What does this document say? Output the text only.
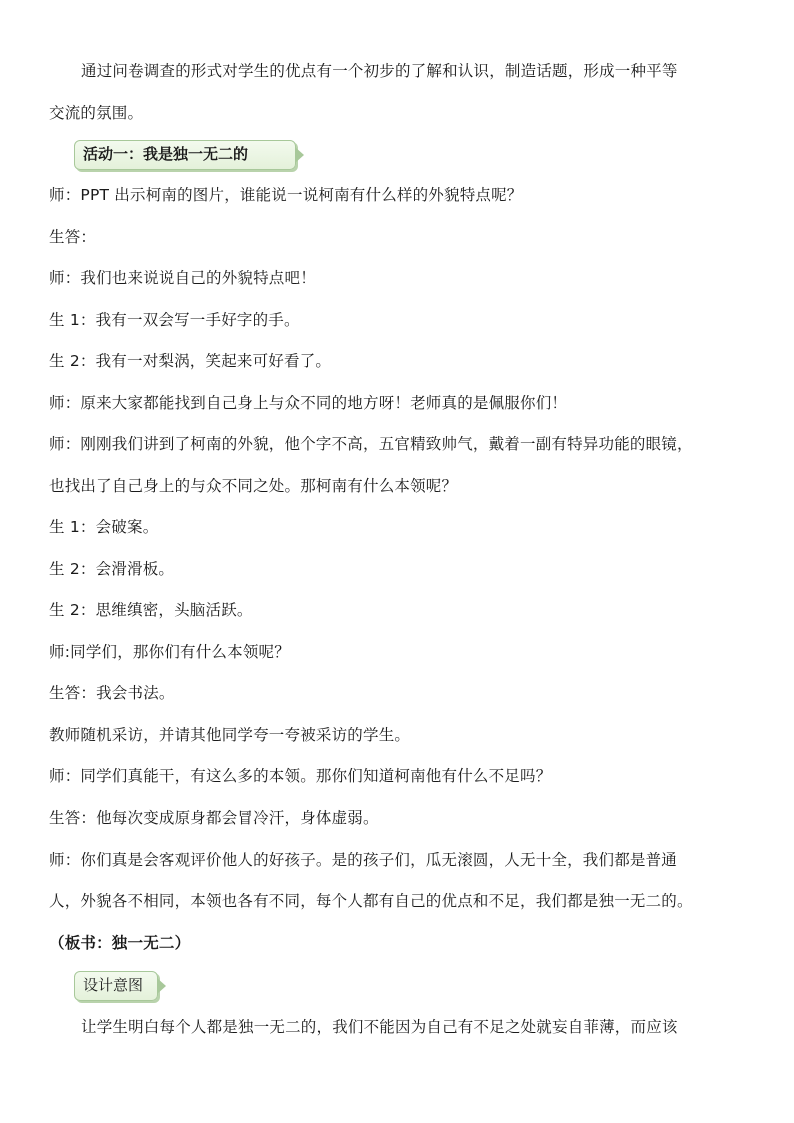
通过问卷调查的形式对学生的优点有一个初步的了解和认识，制造话题，形成一种平等
交流的氛围。
活动一：我是独一无二的
师：PPT 出示柯南的图片，谁能说一说柯南有什么样的外貌特点呢？
生答：
师：我们也来说说自己的外貌特点吧！
生 1：我有一双会写一手好字的手。
生 2：我有一对梨涡，笑起来可好看了。
师：原来大家都能找到自己身上与众不同的地方呀！老师真的是佩服你们！
师：刚刚我们讲到了柯南的外貌，他个字不高，五官精致帅气，戴着一副有特异功能的眼镜，
也找出了自己身上的与众不同之处。那柯南有什么本领呢？
生 1：会破案。
生 2：会滑滑板。
生 2：思维缜密，头脑活跃。
师:同学们，那你们有什么本领呢？
生答：我会书法。
教师随机采访，并请其他同学夸一夸被采访的学生。
师：同学们真能干，有这么多的本领。那你们知道柯南他有什么不足吗？
生答：他每次变成原身都会冒冷汗，身体虚弱。
师：你们真是会客观评价他人的好孩子。是的孩子们，瓜无滚圆，人无十全，我们都是普通
人，外貌各不相同，本领也各有不同，每个人都有自己的优点和不足，我们都是独一无二的。
（板书：独一无二）
设计意图
让学生明白每个人都是独一无二的，我们不能因为自己有不足之处就妄自菲薄，而应该
